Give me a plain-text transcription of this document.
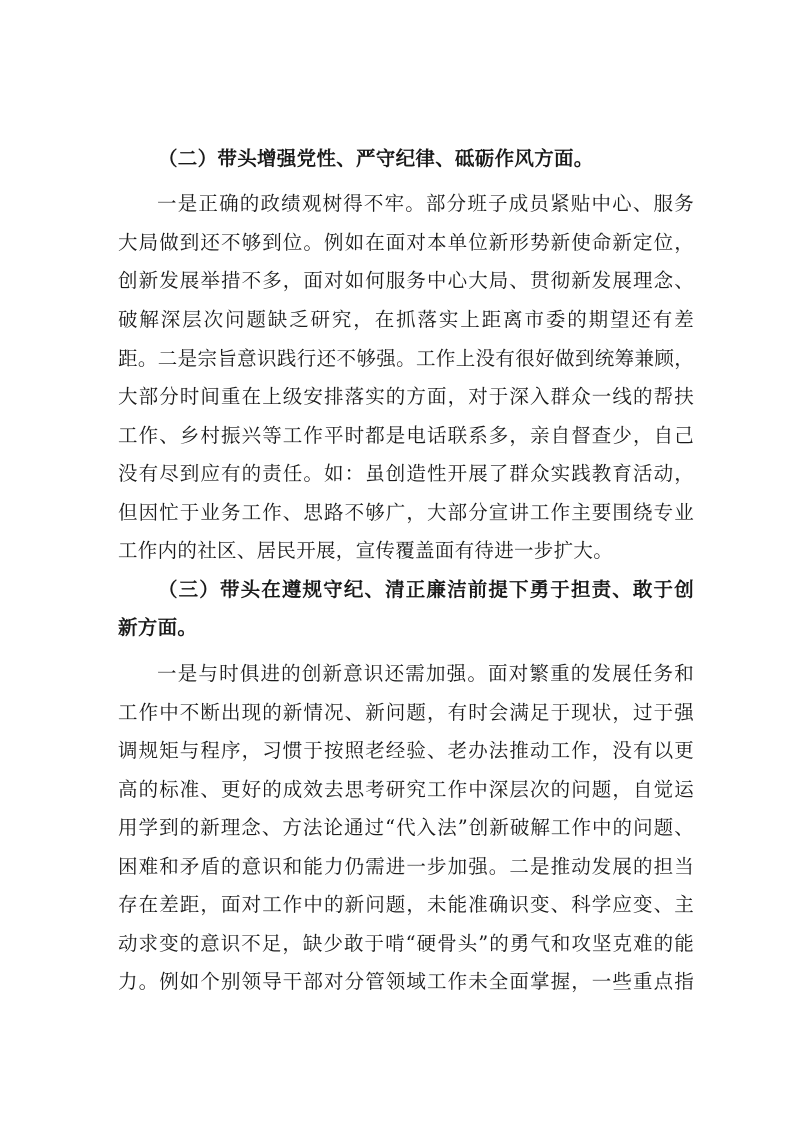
（二）带头增强党性、严守纪律、砥砺作风方面。
一是正确的政绩观树得不牢。部分班子成员紧贴中心、服务
大局做到还不够到位。例如在面对本单位新形势新使命新定位，
创新发展举措不多，面对如何服务中心大局、贯彻新发展理念、
破解深层次问题缺乏研究，在抓落实上距离市委的期望还有差
距。二是宗旨意识践行还不够强。工作上没有很好做到统筹兼顾，
大部分时间重在上级安排落实的方面，对于深入群众一线的帮扶
工作、乡村振兴等工作平时都是电话联系多，亲自督查少，自己
没有尽到应有的责任。如：虽创造性开展了群众实践教育活动，
但因忙于业务工作、思路不够广，大部分宣讲工作主要围绕专业
工作内的社区、居民开展，宣传覆盖面有待进一步扩大。
（三）带头在遵规守纪、清正廉洁前提下勇于担责、敢于创
新方面。
一是与时俱进的创新意识还需加强。面对繁重的发展任务和
工作中不断出现的新情况、新问题，有时会满足于现状，过于强
调规矩与程序，习惯于按照老经验、老办法推动工作，没有以更
高的标准、更好的成效去思考研究工作中深层次的问题，自觉运
用学到的新理念、方法论通过“代入法”创新破解工作中的问题、
困难和矛盾的意识和能力仍需进一步加强。二是推动发展的担当
存在差距，面对工作中的新问题，未能准确识变、科学应变、主
动求变的意识不足，缺少敢于啃“硬骨头”的勇气和攻坚克难的能
力。例如个别领导干部对分管领域工作未全面掌握，一些重点指
